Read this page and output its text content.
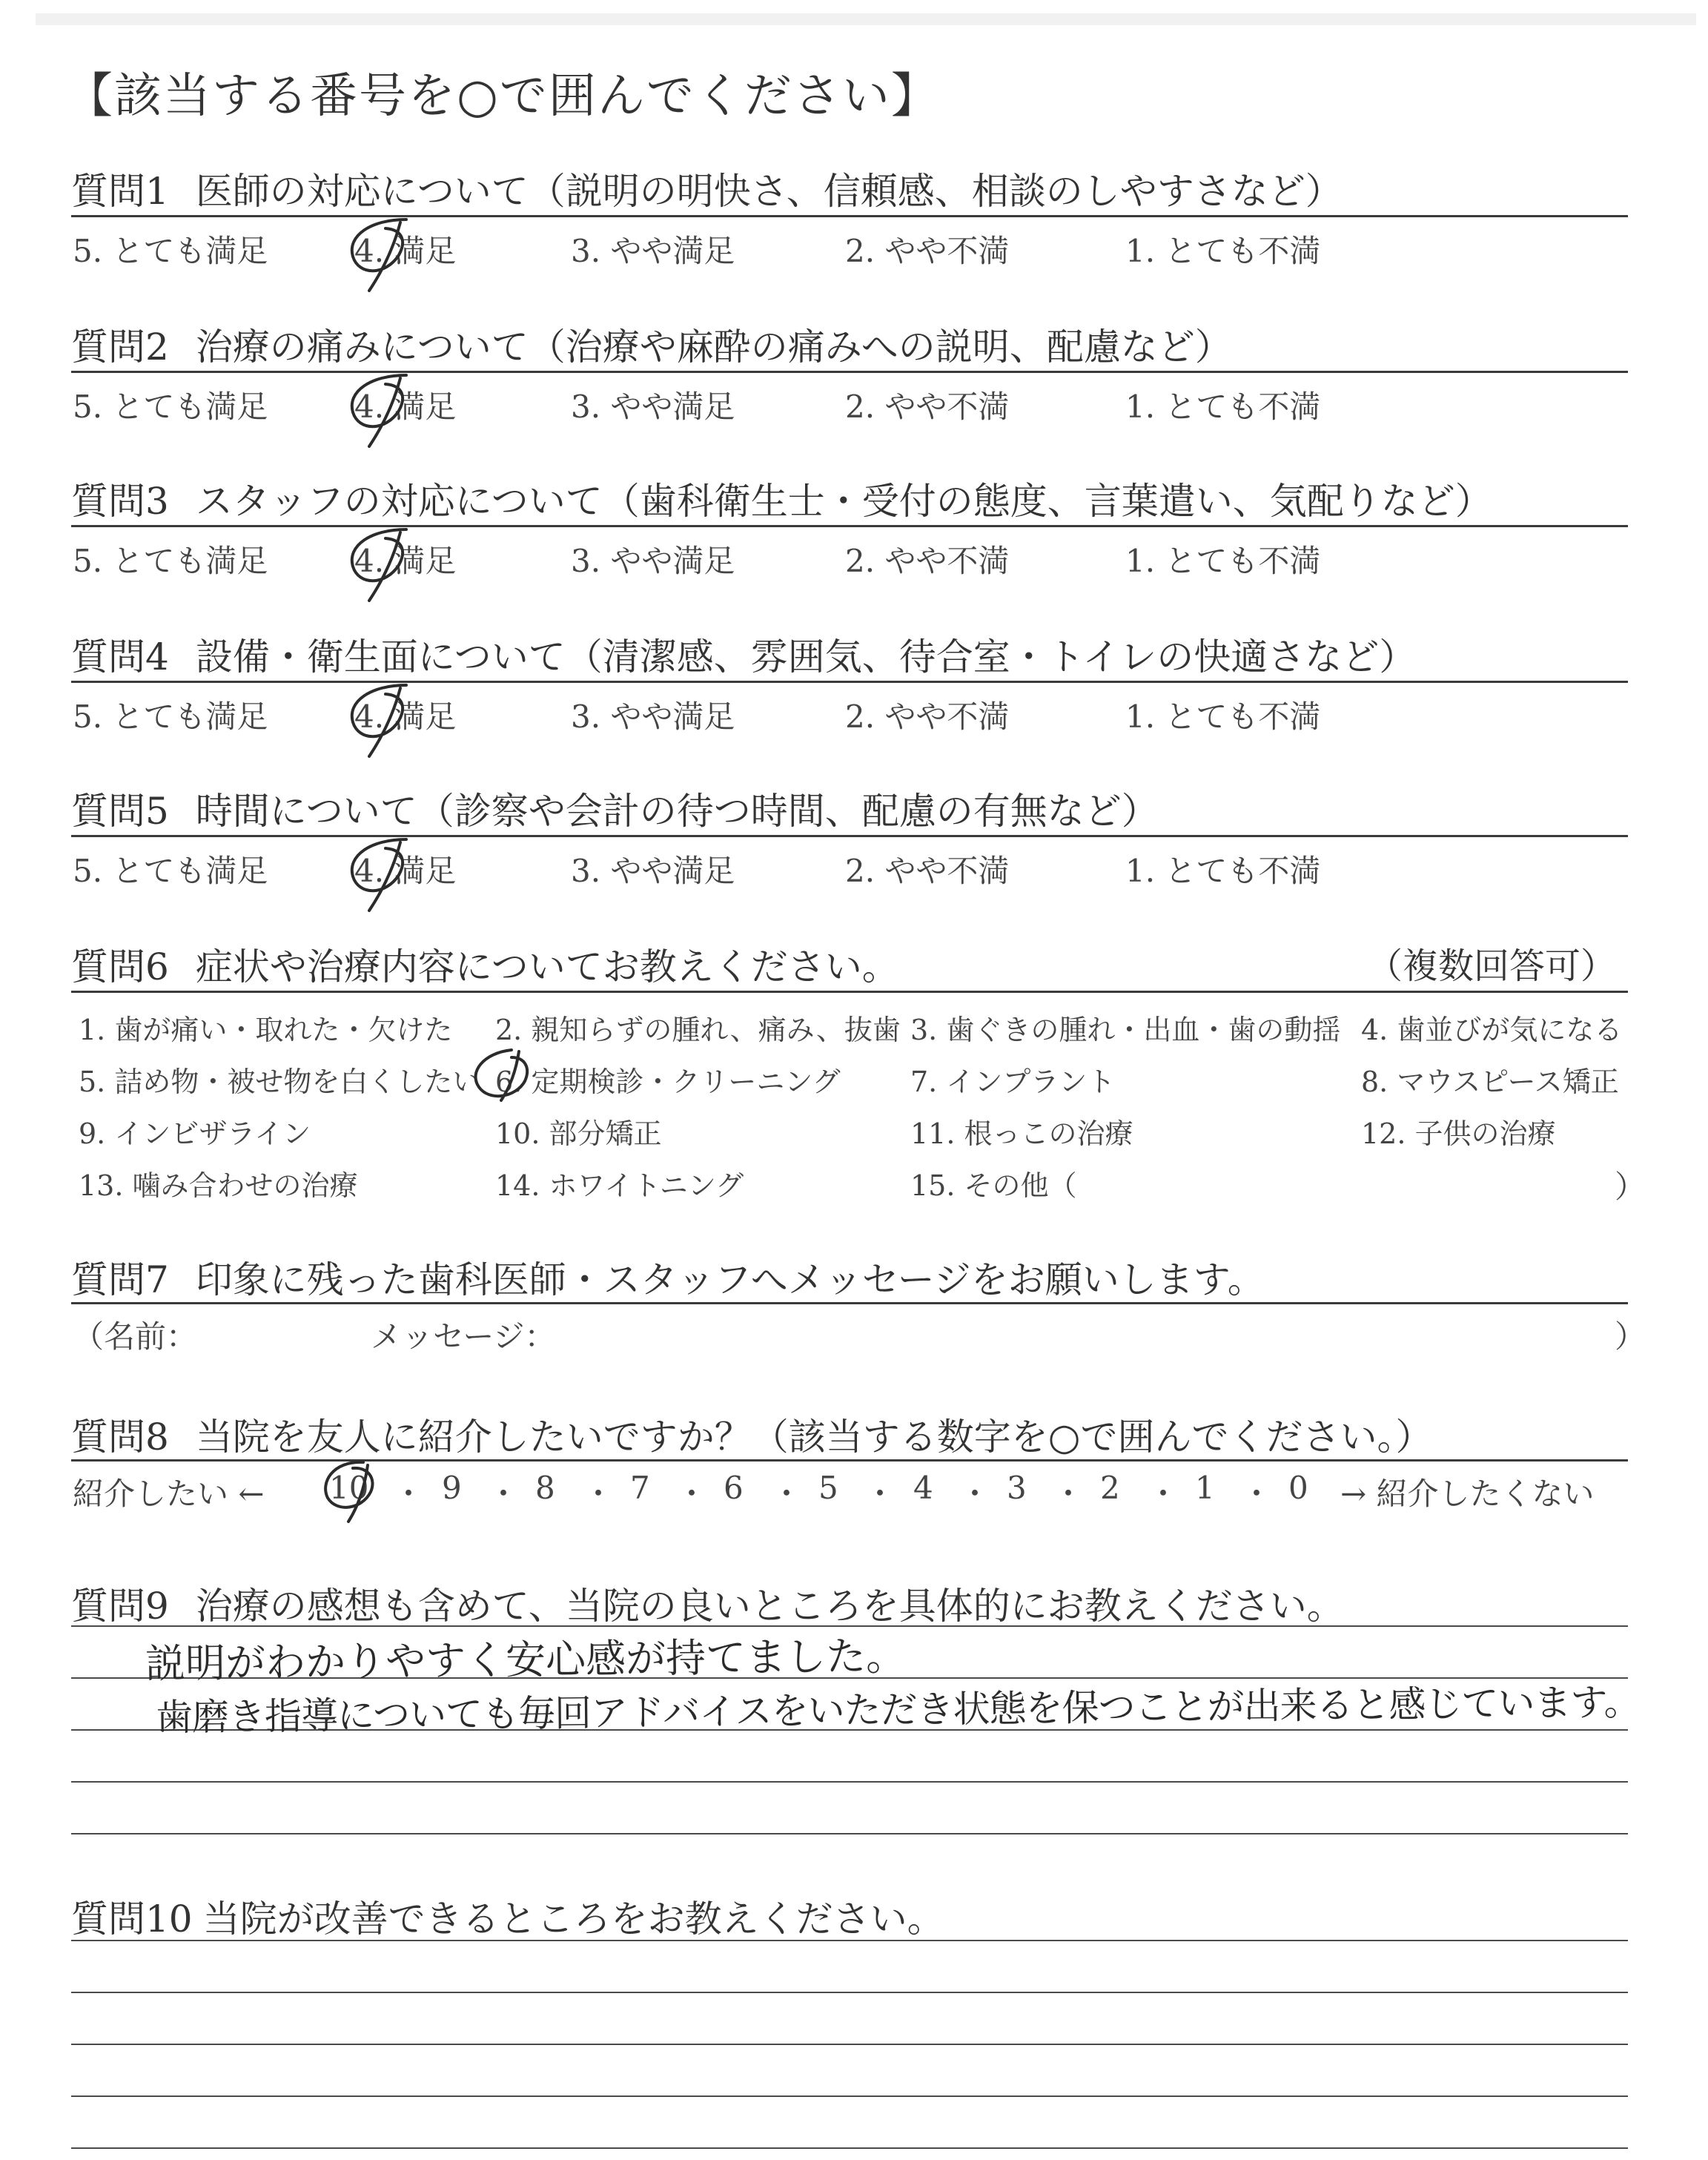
【該当する番号を○で囲んでください】
質問1 医師の対応について（説明の明快さ、信頼感、相談のしやすさなど）
5. とても満足	4. 満足	3. やや満足	2. やや不満	1. とても不満
質問2 治療の痛みについて（治療や麻酔の痛みへの説明、配慮など）
5. とても満足	4. 満足	3. やや満足	2. やや不満	1. とても不満
質問3 スタッフの対応について（歯科衛生士・受付の態度、言葉遣い、気配りなど）
5. とても満足	4. 満足	3. やや満足	2. やや不満	1. とても不満
質問4 設備・衛生面について（清潔感、雰囲気、待合室・トイレの快適さなど）
5. とても満足	4. 満足	3. やや満足	2. やや不満	1. とても不満
質問5 時間について（診察や会計の待つ時間、配慮の有無など）
5. とても満足	4. 満足	3. やや満足	2. やや不満	1. とても不満
質問6 症状や治療内容についてお教えください。	（複数回答可）
1. 歯が痛い・取れた・欠けた 2. 親知らずの腫れ、痛み、抜歯 3. 歯ぐきの腫れ・出血・歯の動揺 4. 歯並びが気になる
5. 詰め物・被せ物を白くしたい 6. 定期検診・クリーニング 7. インプラント	8. マウスピース矯正
9. インビザライン	10. 部分矯正	11. 根っこの治療	12. 子供の治療
13. 噛み合わせの治療	14. ホワイトニング	15. その他（	）
質問7 印象に残った歯科医師・スタッフへメッセージをお願いします。
（名前：	メッセージ：	）
質問8 当院を友人に紹介したいですか？（該当する数字を○で囲んでください。）
紹介したい ← 10 9 8 7 6 5 4 3 2 1 0
・ ・ ・ ・ ・ ・ ・ ・ ・ ・ → 紹介したくない
質問9 治療の感想も含めて、当院の良いところを具体的にお教えください。
説明がわかりやすく安心感が持てました。
歯磨き指導についても毎回アドバイスをいただき状態を保つことが出来ると感じています。
質問10 当院が改善できるところをお教えください。
